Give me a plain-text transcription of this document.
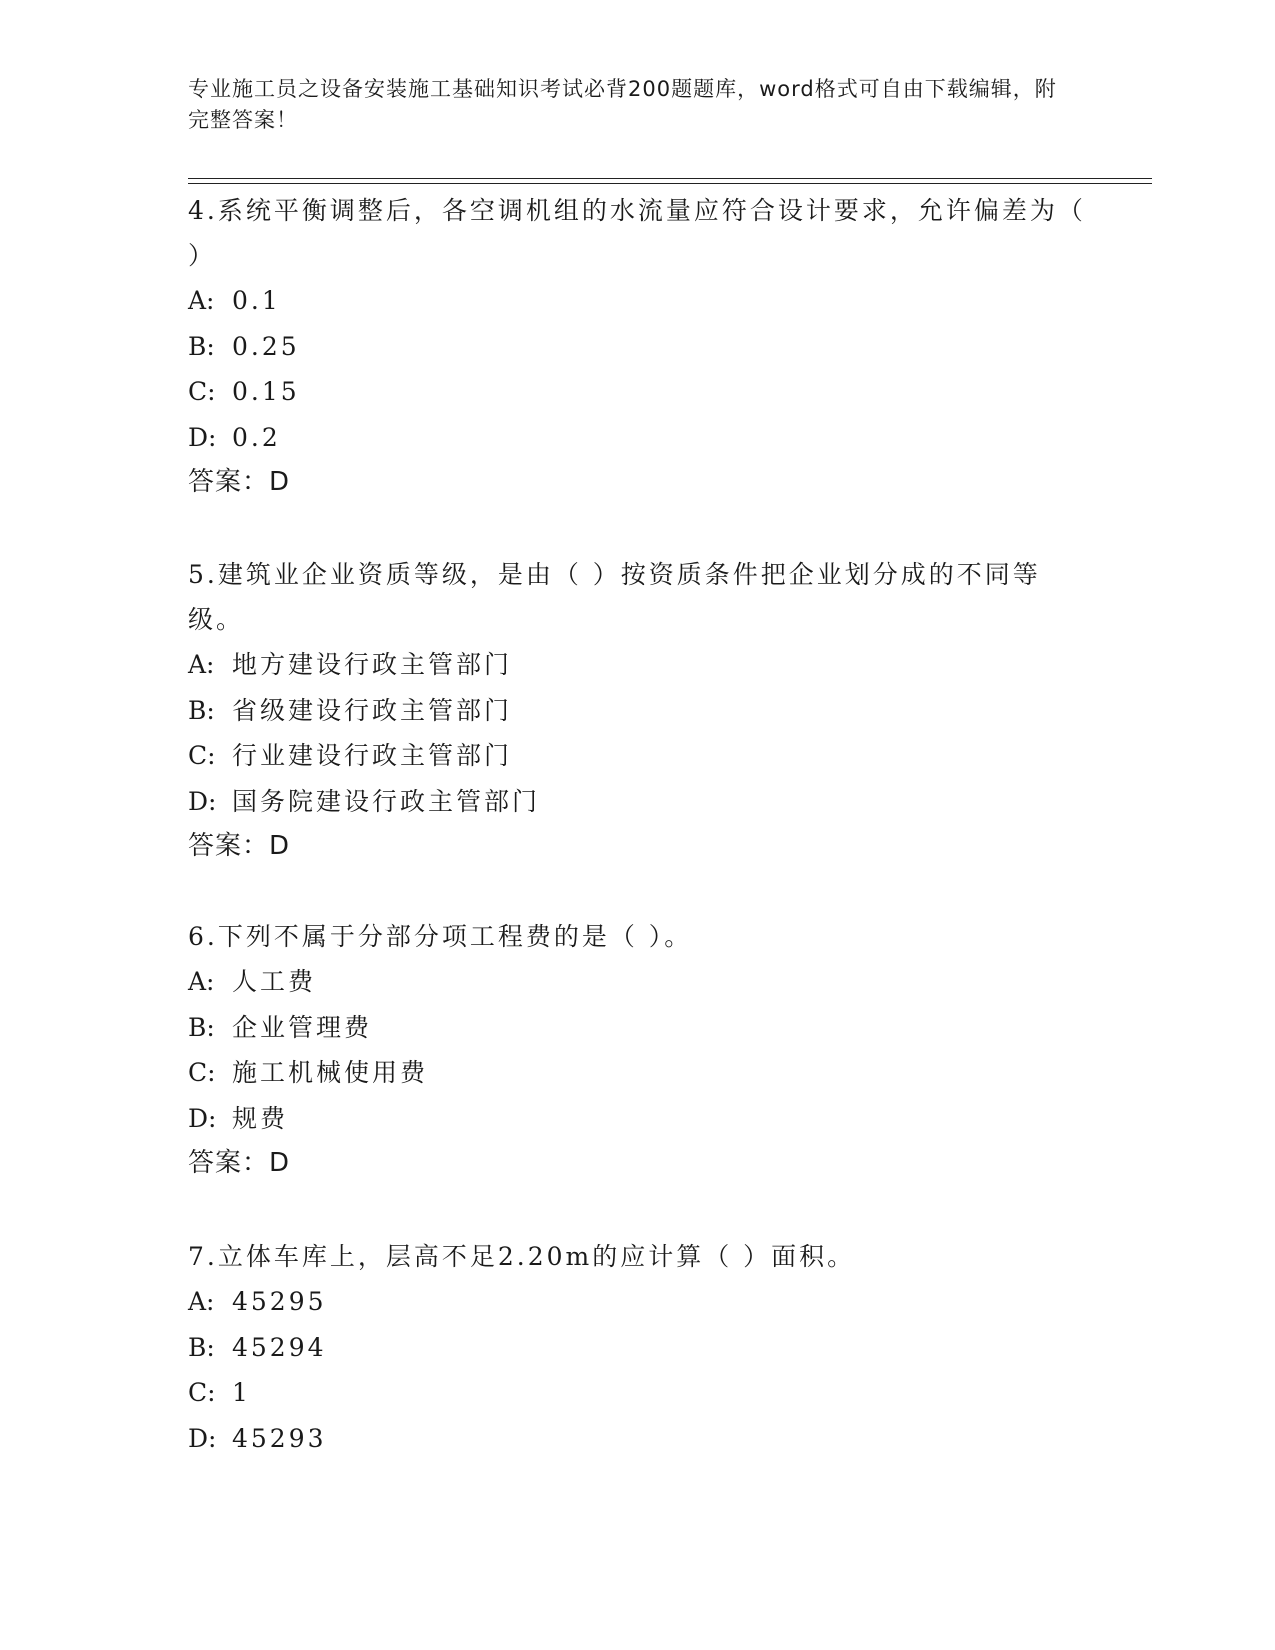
专业施工员之设备安装施工基础知识考试必背200题题库，word格式可自由下载编辑，附完整答案！

4.系统平衡调整后，各空调机组的水流量应符合设计要求，允许偏差为（ ）

A: 0.1

B: 0.25

C: 0.15

D: 0.2

答案：D

5.建筑业企业资质等级，是由（ ）按资质条件把企业划分成的不同等级。

A: 地方建设行政主管部门

B: 省级建设行政主管部门

C: 行业建设行政主管部门

D: 国务院建设行政主管部门

答案：D

6.下列不属于分部分项工程费的是（ ）。

A: 人工费

B: 企业管理费

C: 施工机械使用费

D: 规费

答案：D

7.立体车库上，层高不足2.20m的应计算（ ）面积。

A: 45295

B: 45294

C: 1

D: 45293
